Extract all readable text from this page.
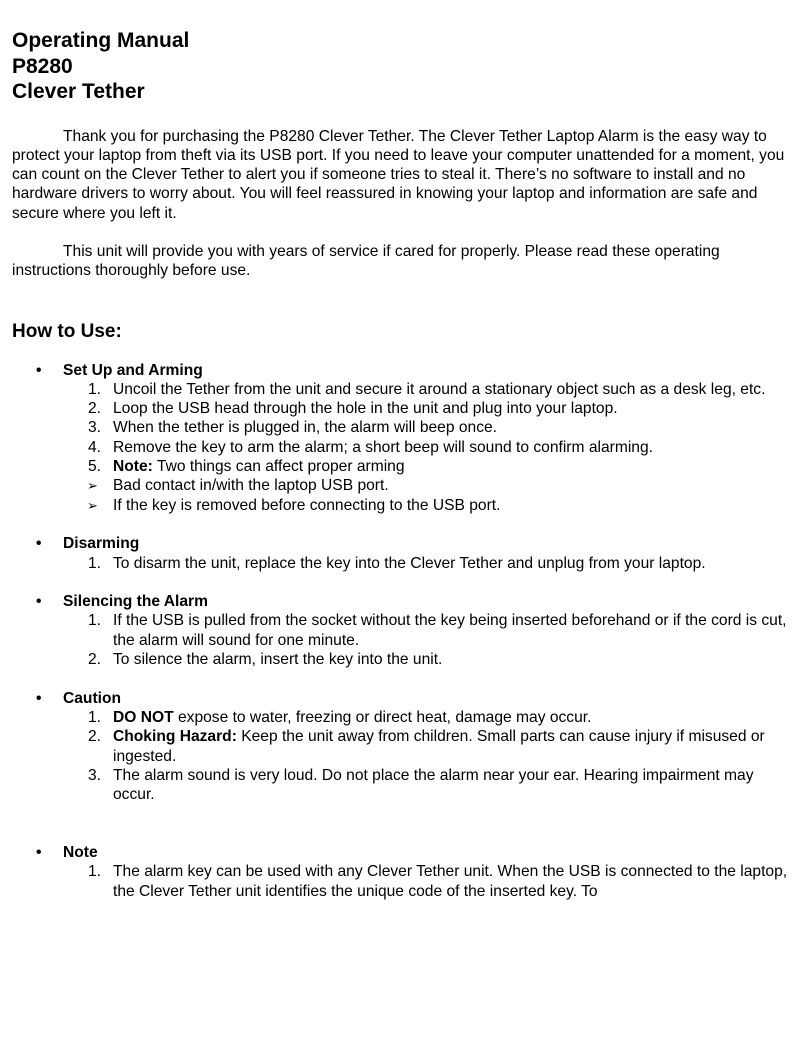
Operating Manual
P8280
Clever Tether

Thank you for purchasing the P8280 Clever Tether. The Clever Tether Laptop Alarm is the easy way to protect your laptop from theft via its USB port. If you need to leave your computer unattended for a moment, you can count on the Clever Tether to alert you if someone tries to steal it. There’s no software to install and no hardware drivers to worry about. You will feel reassured in knowing your laptop and information are safe and secure where you left it.

This unit will provide you with years of service if cared for properly. Please read these operating instructions thoroughly before use.

How to Use:
• Set Up and Arming
1. Uncoil the Tether from the unit and secure it around a stationary object such as a desk leg, etc.
2. Loop the USB head through the hole in the unit and plug into your laptop.
3. When the tether is plugged in, the alarm will beep once.
4. Remove the key to arm the alarm; a short beep will sound to confirm alarming.
5. Note: Two things can affect proper arming
➢ Bad contact in/with the laptop USB port.
➢ If the key is removed before connecting to the USB port.
• Disarming
1. To disarm the unit, replace the key into the Clever Tether and unplug from your laptop.
• Silencing the Alarm
1. If the USB is pulled from the socket without the key being inserted beforehand or if the cord is cut, the alarm will sound for one minute.
2. To silence the alarm, insert the key into the unit.
• Caution
1. DO NOT expose to water, freezing or direct heat, damage may occur.
2. Choking Hazard: Keep the unit away from children. Small parts can cause injury if misused or ingested.
3. The alarm sound is very loud. Do not place the alarm near your ear. Hearing impairment may occur.
• Note
1. The alarm key can be used with any Clever Tether unit. When the USB is connected to the laptop, the Clever Tether unit identifies the unique code of the inserted key. To
